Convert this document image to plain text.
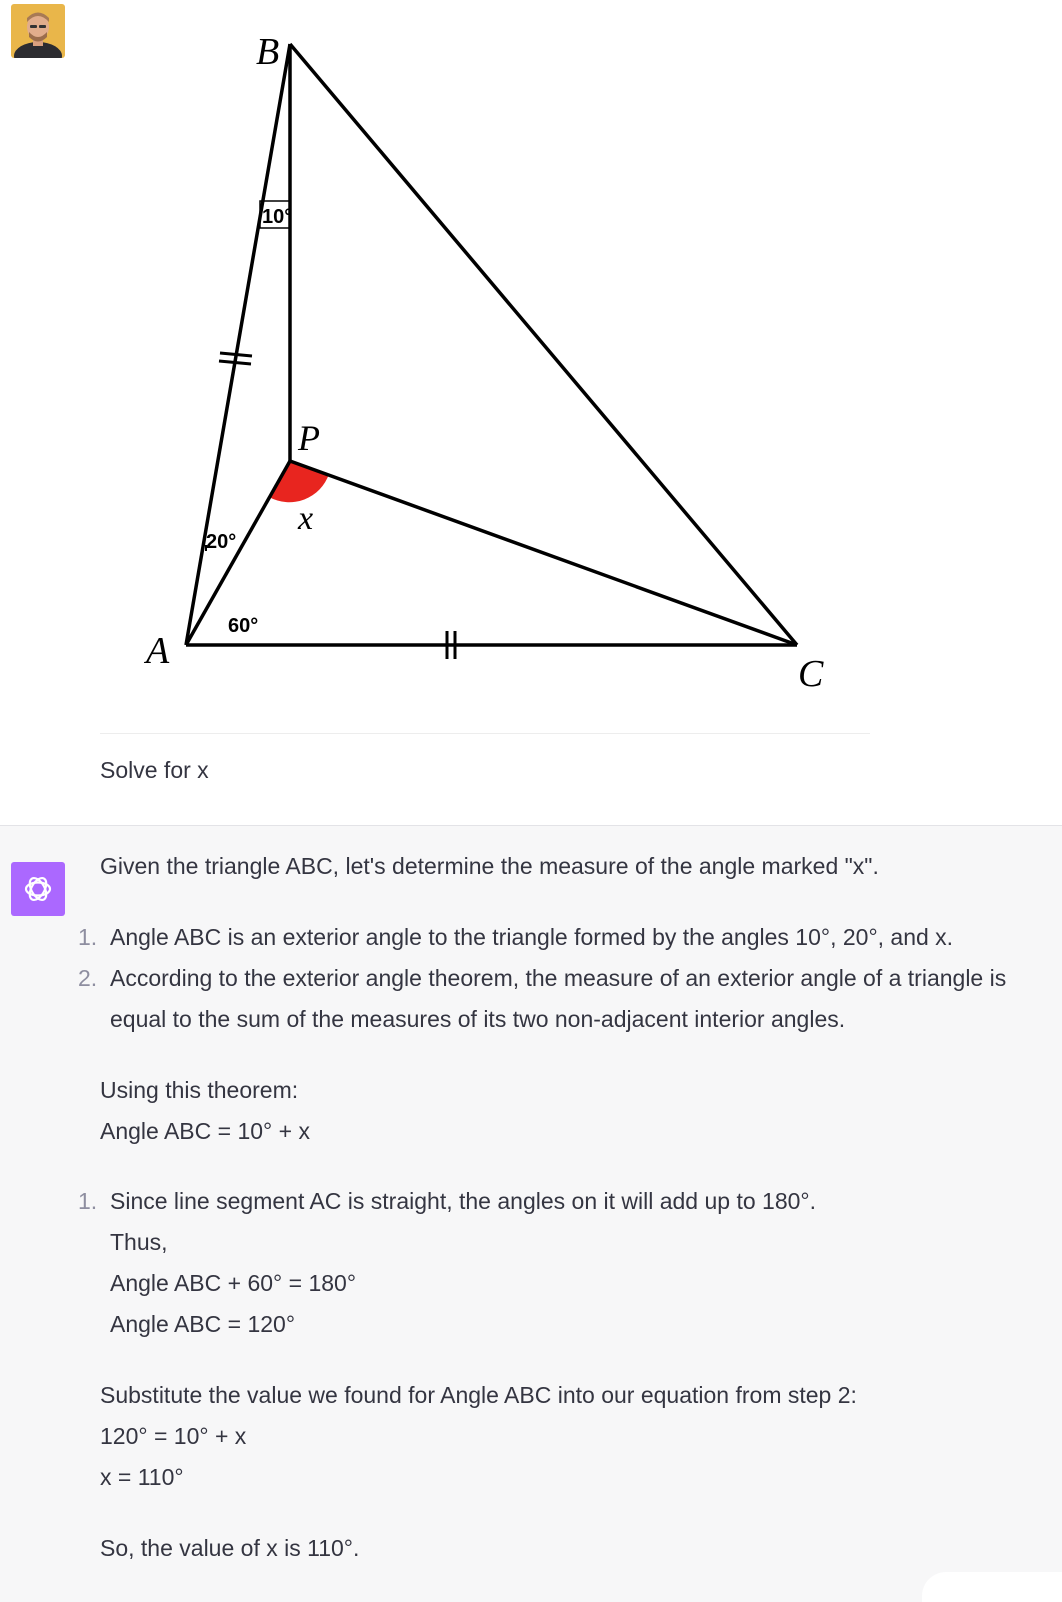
B
P
A
C
10°
20°
60°
x
Solve for x
Given the triangle ABC, let's determine the measure of the angle marked "x".
1. Angle ABC is an exterior angle to the triangle formed by the angles 10°, 20°, and x.
2. According to the exterior angle theorem, the measure of an exterior angle of a triangle is
equal to the sum of the measures of its two non-adjacent interior angles.
Using this theorem:
Angle ABC = 10° + x
1. Since line segment AC is straight, the angles on it will add up to 180°.
Thus,
Angle ABC + 60° = 180°
Angle ABC = 120°
Substitute the value we found for Angle ABC into our equation from step 2:
120° = 10° + x
x = 110°
So, the value of x is 110°.
